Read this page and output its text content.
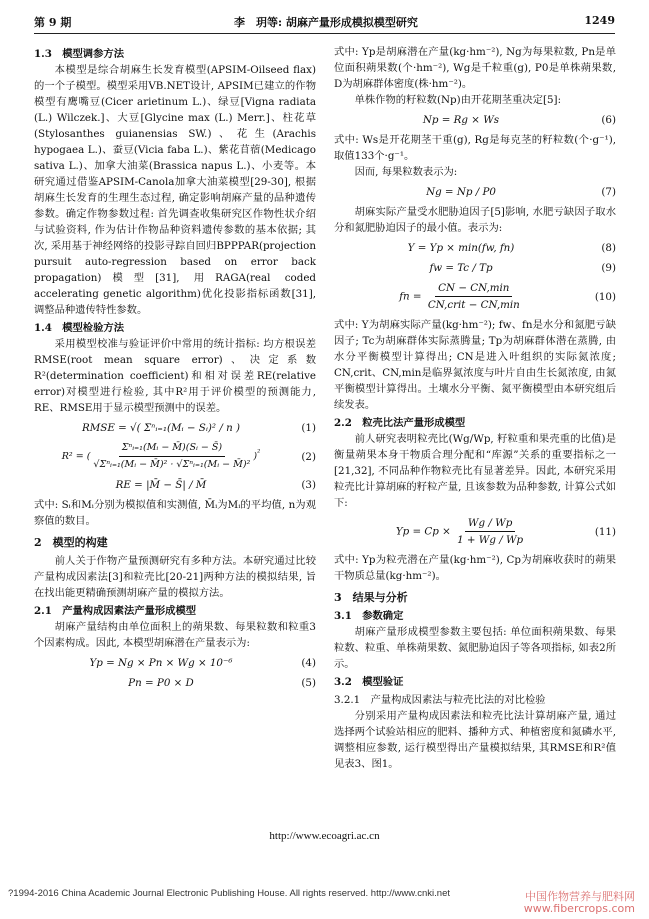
第 9 期	李　玥等: 胡麻产量形成模拟模型研究	1249
1.3　模型调参方法

本模型是综合胡麻生长发育模型(APSIM-Oilseed flax)的一个子模型。模型采用VB.NET设计, APSIM已建立的作物模型有鹰嘴豆(Cicer arietinum L.)、绿豆[Vigna radiata (L.) Wilczek.]、大豆[Glycine max (L.) Merr.]、柱花草(Stylosanthes guianensias SW.)、花生(Arachis hypogaea L.)、蚕豆(Vicia faba L.)、紫花苜蓿(Medicago sativa L.)、加拿大油菜(Brassica napus L.)、小麦等。本研究通过借鉴APSIM-Canola加拿大油菜模型[29-30], 根据胡麻生长发育的生理生态过程, 确定影响胡麻产量的品种遗传参数。确定作物参数过程: 首先调查收集研究区作物性状介绍与试验资料, 作为估计作物品种资料遗传参数的基本依据; 其次, 采用基于神经网络的投影寻踪自回归BPPPAR(projection pursuit auto-regression based on error back propagation)模型[31], 用RAGA(real coded accelerating genetic algorithm)优化投影指标函数[31], 调整品种遗传特性参数。

1.4　模型检验方法

采用模型校准与验证评价中常用的统计指标: 均方根误差RMSE(root mean square error)、决定系数R²(determination coefficient)和相对误差RE(relative error)对模型进行检验, 其中R²用于评价模型的预测能力, RE、RMSE用于显示模型预测中的误差。

RMSE = √( Σⁿᵢ₌₁(Mᵢ − Sᵢ)² / n )	(1)
R² = ( $\frac{\text{Σⁿᵢ₌₁(Mᵢ − M̄)(Sᵢ − S̄)}}{\text{√Σⁿᵢ₌₁(Mᵢ − M̄)² · √Σⁿᵢ₌₁(Mᵢ − M̄)²}} )^{^2}$	(2)
RE = |M̄ − S̄| / M̄	(3)

式中: Sᵢ和Mᵢ分别为模拟值和实测值, M̄ᵢ为Mᵢ的平均值, n为观察值的数目。

2　模型的构建

前人关于作物产量预测研究有多种方法。本研究通过比较产量构成因素法[3]和粒壳比[20-21]两种方法的模拟结果, 旨在找出能更精确预测胡麻产量的模拟方法。

2.1　产量构成因素法产量形成模型

胡麻产量结构由单位面积上的蒴果数、每果粒数和粒重3个因素构成。因此, 本模型胡麻潜在产量表示为:

Yp = Ng × Pn × Wg × 10⁻⁶	(4)
Pn = P0 × D	(5)

式中: Yp是胡麻潜在产量(kg·hm⁻²), Ng为每果粒数, Pn是单位面积蒴果数(个·hm⁻²), Wg是千粒重(g), P0是单株蒴果数, D为胡麻群体密度(株·hm⁻²)。

单株作物的籽粒数(Np)由开花期茎重决定[5]:

Np = Rg × Ws	(6)

式中: Ws是开花期茎干重(g), Rg是每克茎的籽粒数(个·g⁻¹), 取值133个·g⁻¹。

因而, 每果粒数表示为:

Ng = Np / P0	(7)

胡麻实际产量受水肥胁迫因子[5]影响, 水肥亏缺因子取水分和氮肥胁迫因子的最小值。表示为:

Y = Yp × min(fw, fn)	(8)
fw = Tc / Tp	(9)
fn = $\frac{CN - CN,\min}{\text{CN,crit − CN,min}}$	(10)

式中: Y为胡麻实际产量(kg·hm⁻²); fw、fn是水分和氮肥亏缺因子; Tc为胡麻群体实际蒸腾量; Tp为胡麻群体潜在蒸腾, 由水分平衡模型计算得出; CN是进入叶组织的实际氮浓度; CN,crit、CN,min是临界氮浓度与叶片自由生长氮浓度, 由氮平衡模型计算得出。土壤水分平衡、氮平衡模型由本研究组后续发表。

2.2　粒壳比法产量形成模型

前人研究表明粒壳比(Wg/Wp, 籽粒重和果壳重的比值)是衡量蒴果本身干物质合理分配和“库源”关系的重要指标之一[21,32], 不同品种作物粒壳比有显著差异。因此, 本研究采用粒壳比计算胡麻的籽粒产量, 且该参数为品种参数, 计算公式如下:

$Yp = Cp \times \frac{Wg / Wp}{1 + Wg / Wp}$	(11)

式中: Yp为粒壳潜在产量(kg·hm⁻²), Cp为胡麻收获时的蒴果干物质总量(kg·hm⁻²)。

3　结果与分析
3.1　参数确定

胡麻产量形成模型参数主要包括: 单位面积蒴果数、每果粒数、粒重、单株蒴果数、氮肥胁迫因子等各项指标, 如表2所示。

3.2　模型验证
3.2.1　产量构成因素法与粒壳比法的对比检验

分别采用产量构成因素法和粒壳比法计算胡麻产量, 通过选择两个试验站相应的肥料、播种方式、种植密度和氮磷水平, 调整相应参数, 运行模型得出产量模拟结果, 其RMSE和R²值见表3、图1。

http://www.ecoagri.ac.cn
?1994-2016 China Academic Journal Electronic Publishing House. All rights reserved. http://www.cnki.net	中国作物营养与肥料网
www.fibercrops.com
